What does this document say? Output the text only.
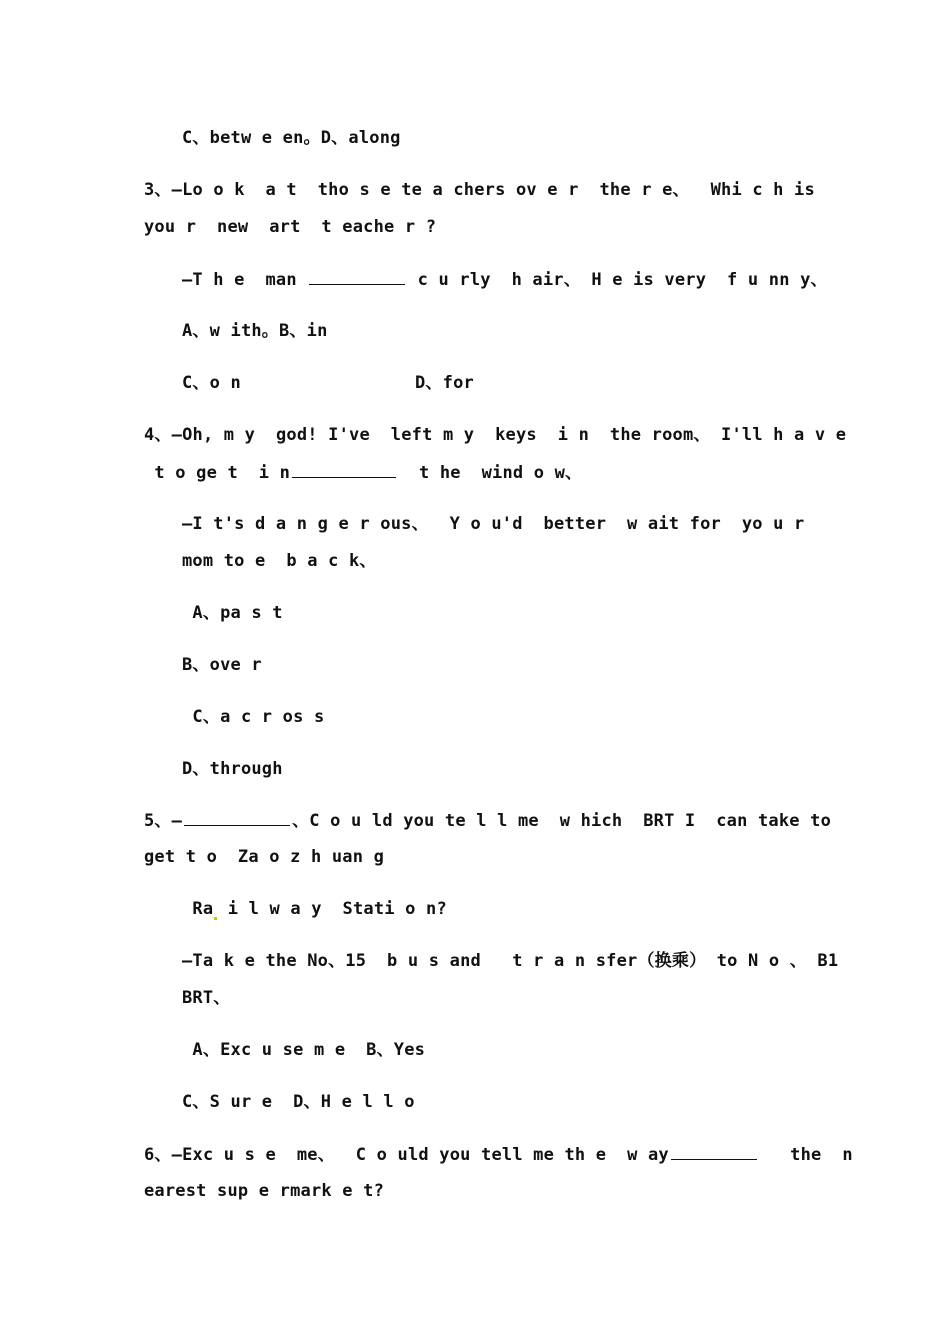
C、betw e en。D、along
3、—Lo o k  a t  tho s e te a chers ov e r  the r e、  Whi c h is
you r  new  art  t eache r ?
—T h e  man	c u rly  h air、 H e is very  f u nn y、
A、w ith。B、in
C、o n	D、for
4、—Oh, m y  god! I've  left m y  keys  i n  the room、 I'll h a v e
t o ge t  i n	t he  wind o w、
—I t's d a n g e r ous、  Y o u'd  better  w ait for  yo u r
mom to e  b a c k、
A、pa s t
B、ove r
C、a c r os s
D、through
5、—	、C o u ld you te l l me  w hich  BRT I  can take to
get t o  Za o z h uan g
Ra i l w a y  Stati o n?
—Ta k e the No、15  b u s and   t r a n sfer（换乘） to N o 、 B1
BRT、
A、Exc u se m e  B、Yes
C、S ur e  D、H e l l o
6、—Exc u s e  me、  C o uld you tell me th e  w ay	the  n
earest sup e rmark e t?
